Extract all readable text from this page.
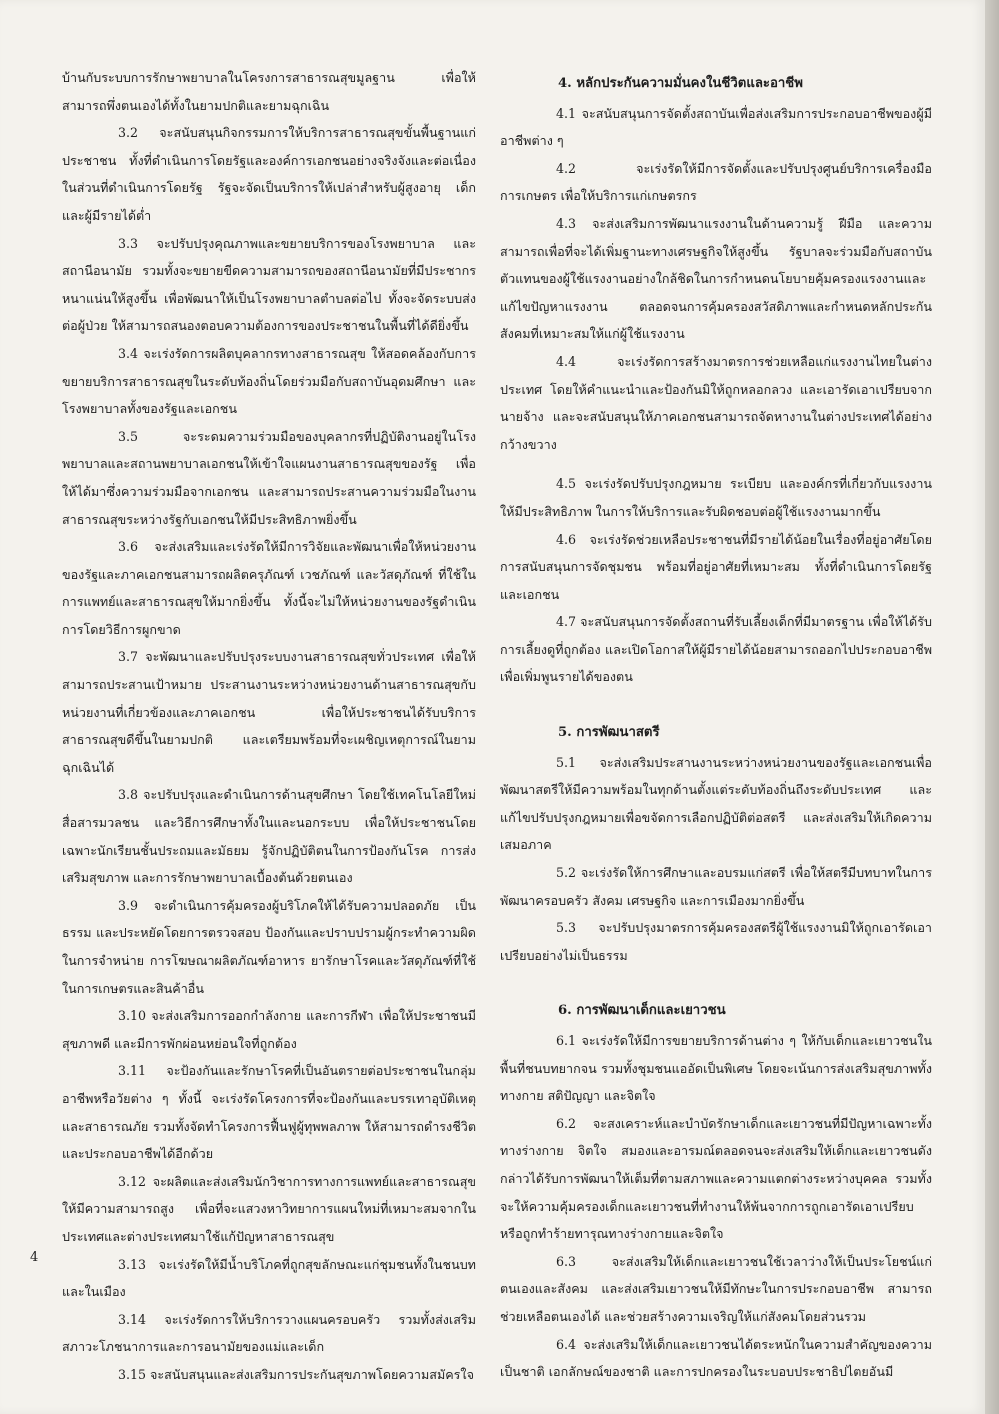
บ้านกับระบบการรักษาพยาบาลในโครงการสาธารณสุขมูลฐาน เพื่อให้สามารถพึ่งตนเองได้ทั้งในยามปกติและยามฉุกเฉิน

3.2 จะสนับสนุนกิจกรรมการให้บริการสาธารณสุขขั้นพื้นฐานแก่ประชาชน ทั้งที่ดำเนินการโดยรัฐและองค์การเอกชนอย่างจริงจังและต่อเนื่องในส่วนที่ดำเนินการโดยรัฐ รัฐจะจัดเป็นบริการให้เปล่าสำหรับผู้สูงอายุ เด็ก และผู้มีรายได้ต่ำ

3.3 จะปรับปรุงคุณภาพและขยายบริการของโรงพยาบาล และสถานีอนามัย รวมทั้งจะขยายขีดความสามารถของสถานีอนามัยที่มีประชากรหนาแน่นให้สูงขึ้น เพื่อพัฒนาให้เป็นโรงพยาบาลตำบลต่อไป ทั้งจะจัดระบบส่งต่อผู้ป่วย ให้สามารถสนองตอบความต้องการของประชาชนในพื้นที่ได้ดียิ่งขึ้น

3.4 จะเร่งรัดการผลิตบุคลากรทางสาธารณสุข ให้สอดคล้องกับการขยายบริการสาธารณสุขในระดับท้องถิ่นโดยร่วมมือกับสถาบันอุดมศึกษา และโรงพยาบาลทั้งของรัฐและเอกชน

3.5 จะระดมความร่วมมือของบุคลากรที่ปฏิบัติงานอยู่ในโรงพยาบาลและสถานพยาบาลเอกชนให้เข้าใจแผนงานสาธารณสุขของรัฐ เพื่อให้ได้มาซึ่งความร่วมมือจากเอกชน และสามารถประสานความร่วมมือในงานสาธารณสุขระหว่างรัฐกับเอกชนให้มีประสิทธิภาพยิ่งขึ้น

3.6 จะส่งเสริมและเร่งรัดให้มีการวิจัยและพัฒนาเพื่อให้หน่วยงานของรัฐและภาคเอกชนสามารถผลิตครุภัณฑ์ เวชภัณฑ์ และวัสดุภัณฑ์ ที่ใช้ในการแพทย์และสาธารณสุขให้มากยิ่งขึ้น ทั้งนี้จะไม่ให้หน่วยงานของรัฐดำเนินการโดยวิธีการผูกขาด

3.7 จะพัฒนาและปรับปรุงระบบงานสาธารณสุขทั่วประเทศ เพื่อให้สามารถประสานเป้าหมาย ประสานงานระหว่างหน่วยงานด้านสาธารณสุขกับหน่วยงานที่เกี่ยวข้องและภาคเอกชน เพื่อให้ประชาชนได้รับบริการสาธารณสุขดีขึ้นในยามปกติ และเตรียมพร้อมที่จะเผชิญเหตุการณ์ในยามฉุกเฉินได้

3.8 จะปรับปรุงและดำเนินการด้านสุขศึกษา โดยใช้เทคโนโลยีใหม่สื่อสารมวลชน และวิธีการศึกษาทั้งในและนอกระบบ เพื่อให้ประชาชนโดยเฉพาะนักเรียนชั้นประถมและมัธยม รู้จักปฏิบัติตนในการป้องกันโรค การส่งเสริมสุขภาพ และการรักษาพยาบาลเบื้องต้นด้วยตนเอง

3.9 จะดำเนินการคุ้มครองผู้บริโภคให้ได้รับความปลอดภัย เป็นธรรม และประหยัดโดยการตรวจสอบ ป้องกันและปราบปรามผู้กระทำความผิดในการจำหน่าย การโฆษณาผลิตภัณฑ์อาหาร ยารักษาโรคและวัสดุภัณฑ์ที่ใช้ในการเกษตรและสินค้าอื่น

3.10 จะส่งเสริมการออกกำลังกาย และการกีฬา เพื่อให้ประชาชนมีสุขภาพดี และมีการพักผ่อนหย่อนใจที่ถูกต้อง

3.11 จะป้องกันและรักษาโรคที่เป็นอันตรายต่อประชาชนในกลุ่มอาชีพหรือวัยต่าง ๆ ทั้งนี้ จะเร่งรัดโครงการที่จะป้องกันและบรรเทาอุบัติเหตุและสาธารณภัย รวมทั้งจัดทำโครงการฟื้นฟูผู้ทุพพลภาพ ให้สามารถดำรงชีวิตและประกอบอาชีพได้อีกด้วย

3.12 จะผลิตและส่งเสริมนักวิชาการทางการแพทย์และสาธารณสุขให้มีความสามารถสูง เพื่อที่จะแสวงหาวิทยาการแผนใหม่ที่เหมาะสมจากในประเทศและต่างประเทศมาใช้แก้ปัญหาสาธารณสุข

3.13 จะเร่งรัดให้มีน้ำบริโภคที่ถูกสุขลักษณะแก่ชุมชนทั้งในชนบทและในเมือง

3.14 จะเร่งรัดการให้บริการวางแผนครอบครัว รวมทั้งส่งเสริมสภาวะโภชนาการและการอนามัยของแม่และเด็ก

3.15 จะสนับสนุนและส่งเสริมการประกันสุขภาพโดยความสมัครใจ

4. หลักประกันความมั่นคงในชีวิตและอาชีพ

4.1 จะสนับสนุนการจัดตั้งสถาบันเพื่อส่งเสริมการประกอบอาชีพของผู้มีอาชีพต่าง ๆ

4.2 จะเร่งรัดให้มีการจัดตั้งและปรับปรุงศูนย์บริการเครื่องมือการเกษตร เพื่อให้บริการแก่เกษตรกร

4.3 จะส่งเสริมการพัฒนาแรงงานในด้านความรู้ ฝีมือ และความสามารถเพื่อที่จะได้เพิ่มฐานะทางเศรษฐกิจให้สูงขึ้น รัฐบาลจะร่วมมือกับสถาบันตัวแทนของผู้ใช้แรงงานอย่างใกล้ชิดในการกำหนดนโยบายคุ้มครองแรงงานและแก้ไขปัญหาแรงงาน ตลอดจนการคุ้มครองสวัสดิภาพและกำหนดหลักประกันสังคมที่เหมาะสมให้แก่ผู้ใช้แรงงาน

4.4 จะเร่งรัดการสร้างมาตรการช่วยเหลือแก่แรงงานไทยในต่างประเทศ โดยให้คำแนะนำและป้องกันมิให้ถูกหลอกลวง และเอารัดเอาเปรียบจากนายจ้าง และจะสนับสนุนให้ภาคเอกชนสามารถจัดหางานในต่างประเทศได้อย่างกว้างขวาง

4.5 จะเร่งรัดปรับปรุงกฎหมาย ระเบียบ และองค์กรที่เกี่ยวกับแรงงานให้มีประสิทธิภาพ ในการให้บริการและรับผิดชอบต่อผู้ใช้แรงงานมากขึ้น

4.6 จะเร่งรัดช่วยเหลือประชาชนที่มีรายได้น้อยในเรื่องที่อยู่อาศัยโดยการสนับสนุนการจัดชุมชน พร้อมที่อยู่อาศัยที่เหมาะสม ทั้งที่ดำเนินการโดยรัฐและเอกชน

4.7 จะสนับสนุนการจัดตั้งสถานที่รับเลี้ยงเด็กที่มีมาตรฐาน เพื่อให้ได้รับการเลี้ยงดูที่ถูกต้อง และเปิดโอกาสให้ผู้มีรายได้น้อยสามารถออกไปประกอบอาชีพเพื่อเพิ่มพูนรายได้ของตน

5. การพัฒนาสตรี

5.1 จะส่งเสริมประสานงานระหว่างหน่วยงานของรัฐและเอกชนเพื่อพัฒนาสตรีให้มีความพร้อมในทุกด้านตั้งแต่ระดับท้องถิ่นถึงระดับประเทศ และแก้ไขปรับปรุงกฎหมายเพื่อขจัดการเลือกปฏิบัติต่อสตรี และส่งเสริมให้เกิดความเสมอภาค

5.2 จะเร่งรัดให้การศึกษาและอบรมแก่สตรี เพื่อให้สตรีมีบทบาทในการพัฒนาครอบครัว สังคม เศรษฐกิจ และการเมืองมากยิ่งขึ้น

5.3 จะปรับปรุงมาตรการคุ้มครองสตรีผู้ใช้แรงงานมิให้ถูกเอารัดเอาเปรียบอย่างไม่เป็นธรรม

6. การพัฒนาเด็กและเยาวชน

6.1 จะเร่งรัดให้มีการขยายบริการด้านต่าง ๆ ให้กับเด็กและเยาวชนในพื้นที่ชนบทยากจน รวมทั้งชุมชนแออัดเป็นพิเศษ โดยจะเน้นการส่งเสริมสุขภาพทั้งทางกาย สติปัญญา และจิตใจ

6.2 จะสงเคราะห์และบำบัดรักษาเด็กและเยาวชนที่มีปัญหาเฉพาะทั้งทางร่างกาย จิตใจ สมองและอารมณ์ตลอดจนจะส่งเสริมให้เด็กและเยาวชนดังกล่าวได้รับการพัฒนาให้เต็มที่ตามสภาพและความแตกต่างระหว่างบุคคล รวมทั้งจะให้ความคุ้มครองเด็กและเยาวชนที่ทำงานให้พ้นจากการถูกเอารัดเอาเปรียบ หรือถูกทำร้ายทารุณทางร่างกายและจิตใจ

6.3 จะส่งเสริมให้เด็กและเยาวชนใช้เวลาว่างให้เป็นประโยชน์แก่ตนเองและสังคม และส่งเสริมเยาวชนให้มีทักษะในการประกอบอาชีพ สามารถช่วยเหลือตนเองได้ และช่วยสร้างความเจริญให้แก่สังคมโดยส่วนรวม

6.4 จะส่งเสริมให้เด็กและเยาวชนได้ตระหนักในความสำคัญของความเป็นชาติ เอกลักษณ์ของชาติ และการปกครองในระบอบประชาธิปไตยอันมี

4
